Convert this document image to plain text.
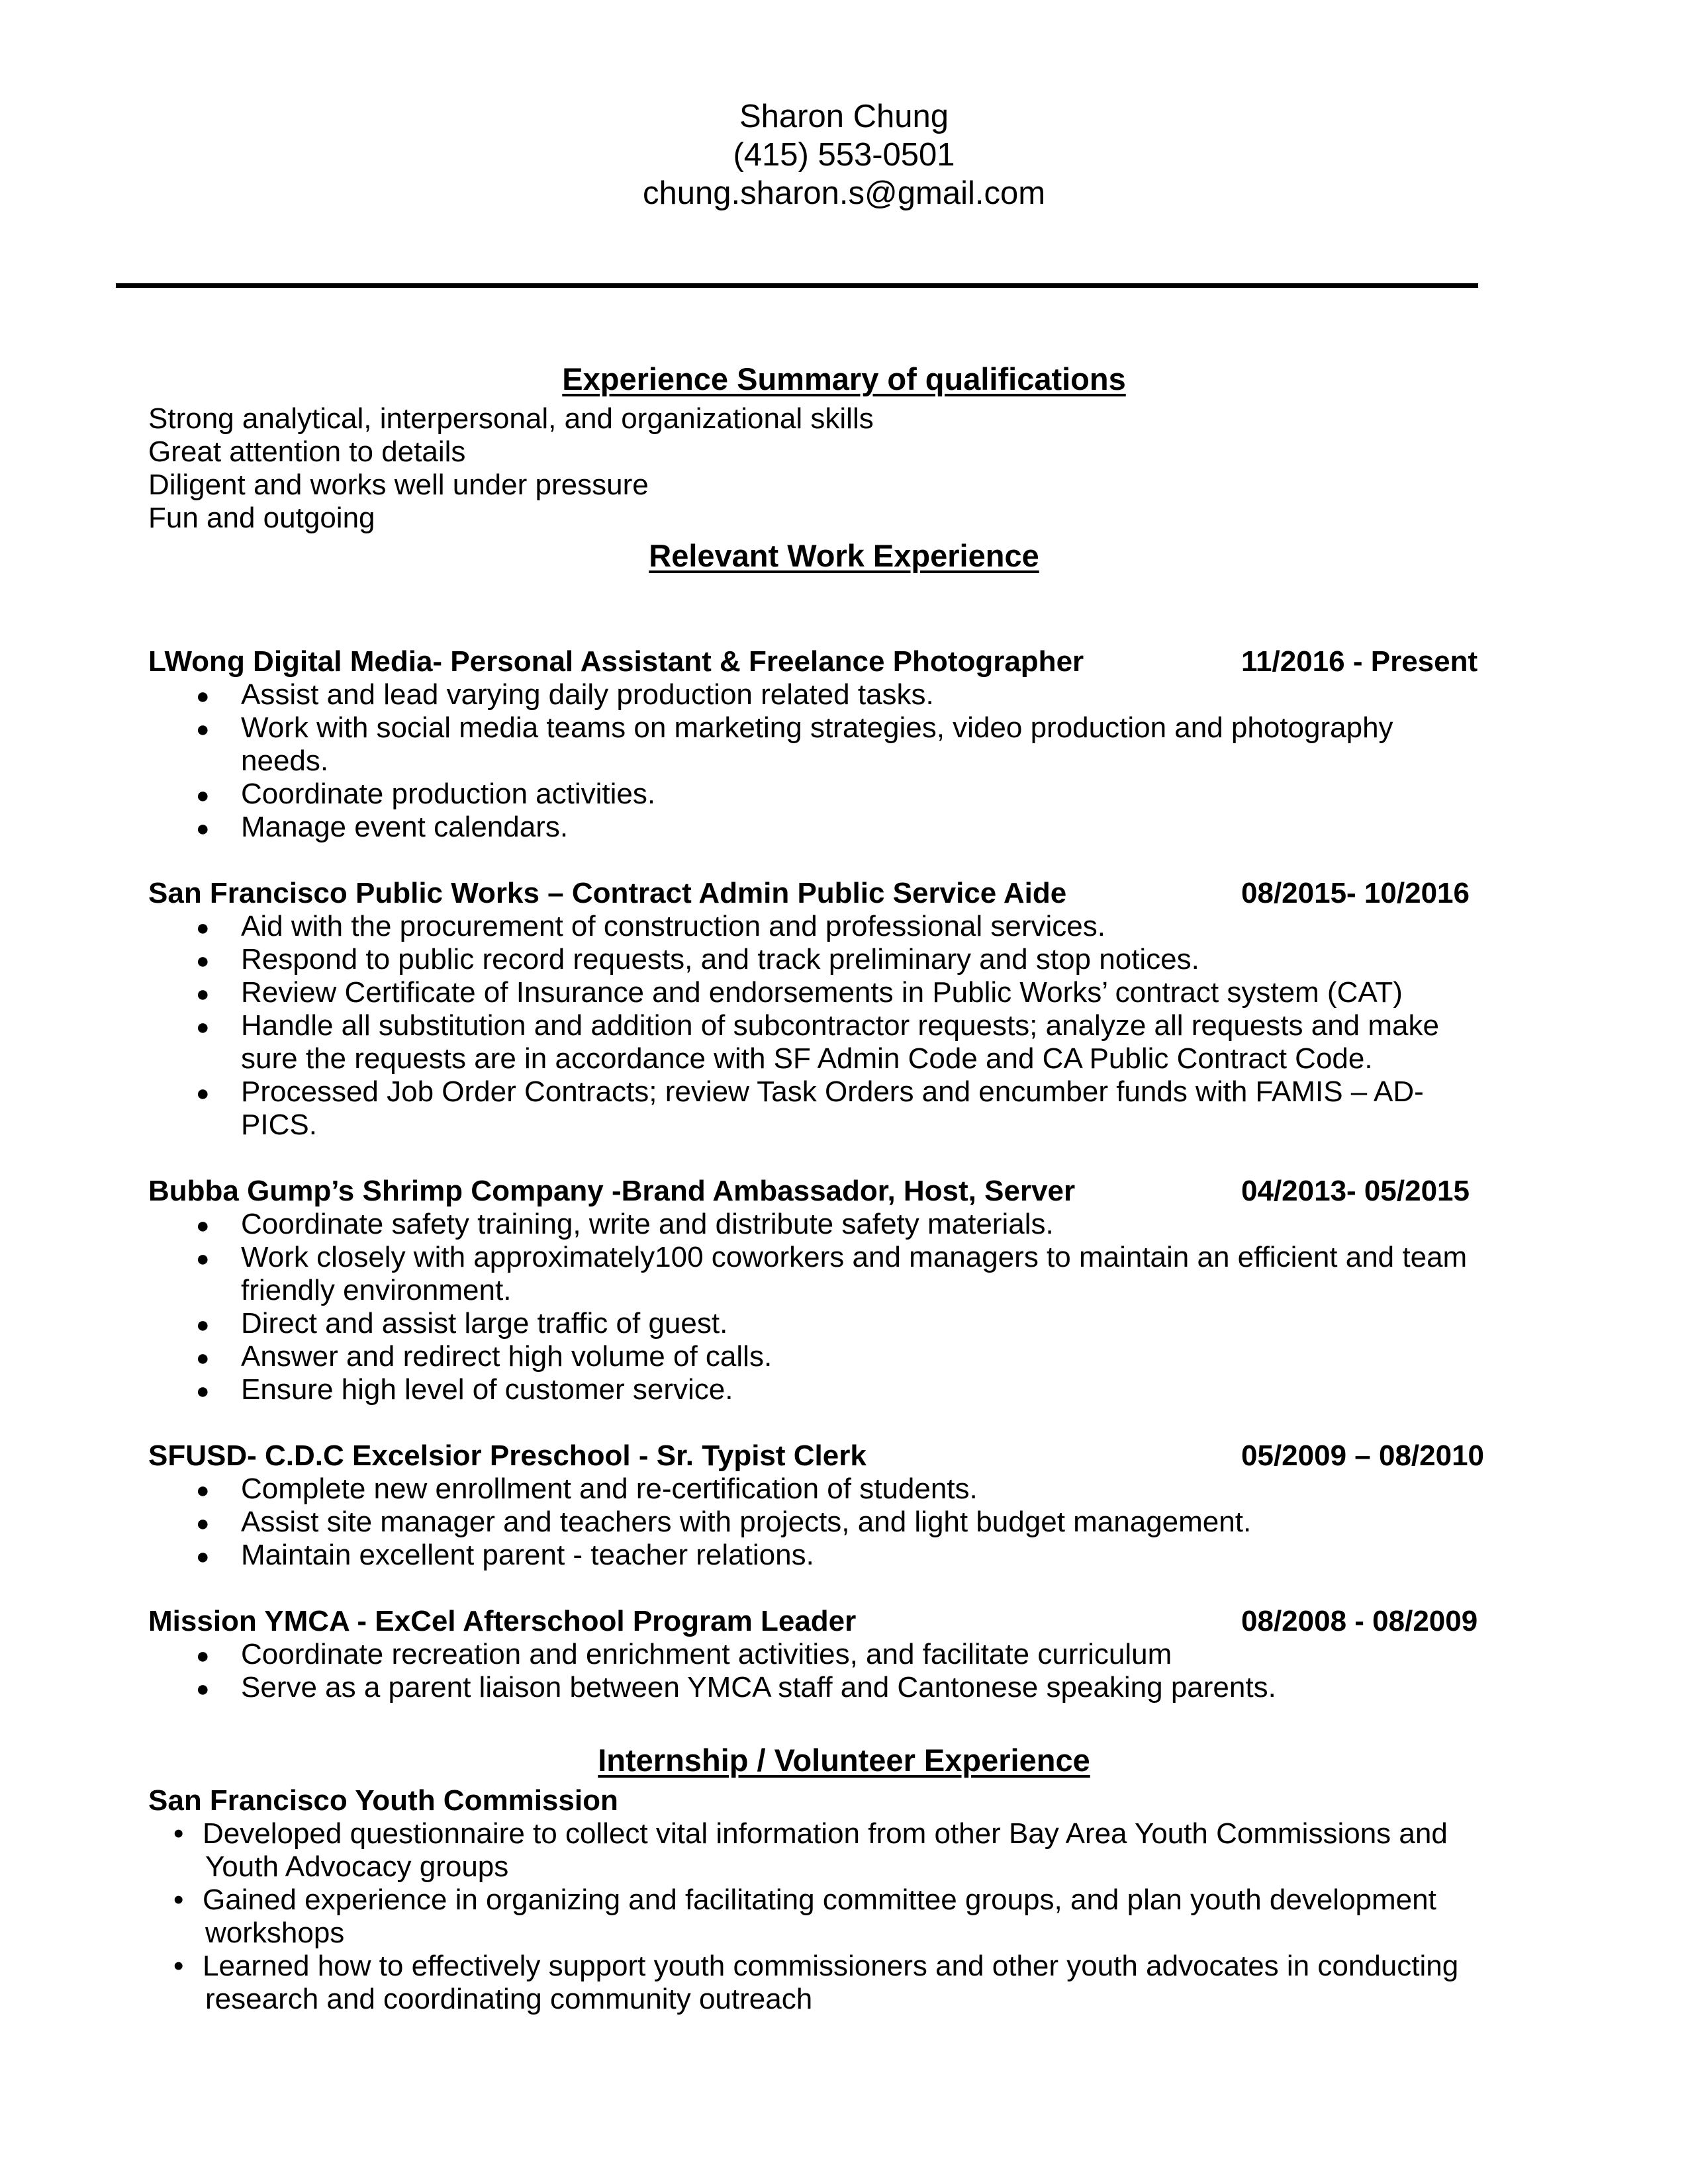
Sharon Chung
(415) 553-0501
chung.sharon.s@gmail.com
Experience Summary of qualifications
Strong analytical, interpersonal, and organizational skills
Great attention to details
Diligent and works well under pressure
Fun and outgoing
Relevant Work Experience
LWong Digital Media- Personal Assistant & Freelance Photographer	11/2016 - Present
● Assist and lead varying daily production related tasks.
● Work with social media teams on marketing strategies, video production and photography
needs.
● Coordinate production activities.
● Manage event calendars.
San Francisco Public Works – Contract Admin Public Service Aide	08/2015- 10/2016
● Aid with the procurement of construction and professional services.
● Respond to public record requests, and track preliminary and stop notices.
● Review Certificate of Insurance and endorsements in Public Works’ contract system (CAT)
● Handle all substitution and addition of subcontractor requests; analyze all requests and make
sure the requests are in accordance with SF Admin Code and CA Public Contract Code.
● Processed Job Order Contracts; review Task Orders and encumber funds with FAMIS – AD-
PICS.
Bubba Gump’s Shrimp Company -Brand Ambassador, Host, Server	04/2013- 05/2015
● Coordinate safety training, write and distribute safety materials.
● Work closely with approximately100 coworkers and managers to maintain an efficient and team
friendly environment.
● Direct and assist large traffic of guest.
● Answer and redirect high volume of calls.
● Ensure high level of customer service.
SFUSD- C.D.C Excelsior Preschool - Sr. Typist Clerk	05/2009 – 08/2010
● Complete new enrollment and re-certification of students.
● Assist site manager and teachers with projects, and light budget management.
● Maintain excellent parent - teacher relations.
Mission YMCA - ExCel Afterschool Program Leader	08/2008 - 08/2009
● Coordinate recreation and enrichment activities, and facilitate curriculum
● Serve as a parent liaison between YMCA staff and Cantonese speaking parents.
Internship / Volunteer Experience
San Francisco Youth Commission
• Developed questionnaire to collect vital information from other Bay Area Youth Commissions and
Youth Advocacy groups
• Gained experience in organizing and facilitating committee groups, and plan youth development
workshops
• Learned how to effectively support youth commissioners and other youth advocates in conducting
research and coordinating community outreach
